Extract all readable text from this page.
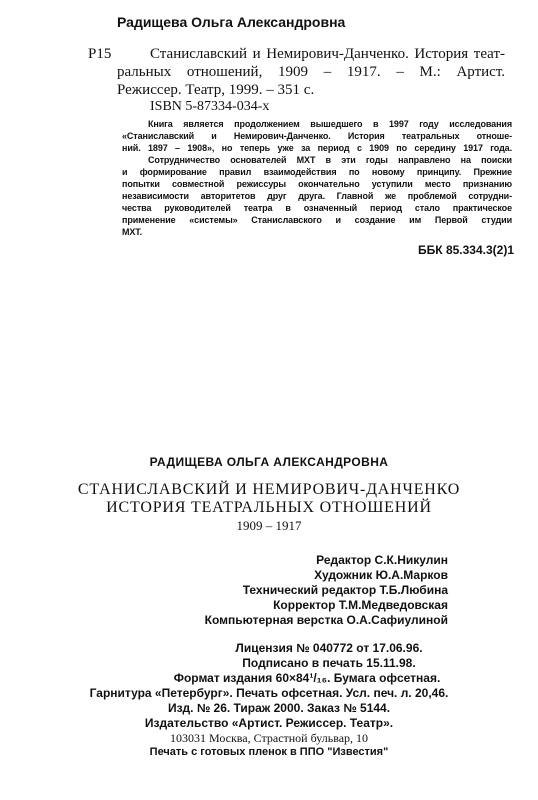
Радищева Ольга Александровна
Р15	Станиславский и Немирович-Данченко. История теат-
ральных отношений, 1909 – 1917. – М.: Артист.
Режиссер. Театр, 1999. – 351 с.
ISBN 5-87334-034-х
Книга является продолжением вышедшего в 1997 году исследования
«Станиславский и Немирович-Данченко. История театральных отноше-
ний. 1897 – 1908», но теперь уже за период с 1909 по середину 1917 года.
Сотрудничество основателей МХТ в эти годы направлено на поиски
и формирование правил взаимодействия по новому принципу. Прежние
попытки совместной режиссуры окончательно уступили место признанию
независимости авторитетов друг друга. Главной же проблемой сотрудни-
чества руководителей театра в означенный период стало практическое
применение «системы» Станиславского и создание им Первой студии
МХТ.
ББК 85.334.3(2)1
РАДИЩЕВА ОЛЬГА АЛЕКСАНДРОВНА
СТАНИСЛАВСКИЙ И НЕМИРОВИЧ-ДАНЧЕНКО
ИСТОРИЯ ТЕАТРАЛЬНЫХ ОТНОШЕНИЙ
1909 – 1917
Редактор С.К.Никулин
Художник Ю.А.Марков
Технический редактор Т.Б.Любина
Корректор Т.М.Медведовская
Компьютерная верстка О.А.Сафиулиной
Лицензия № 040772 от 17.06.96.
Подписано в печать 15.11.98.
Формат издания 60×84¹/₁₆. Бумага офсетная.
Гарнитура «Петербург». Печать офсетная. Усл. печ. л. 20,46.
Изд. № 26. Тираж 2000. Заказ № 5144.
Издательство «Артист. Режиссер. Театр».
103031 Москва, Страстной бульвар, 10
Печать с готовых пленок в ППО "Известия"
